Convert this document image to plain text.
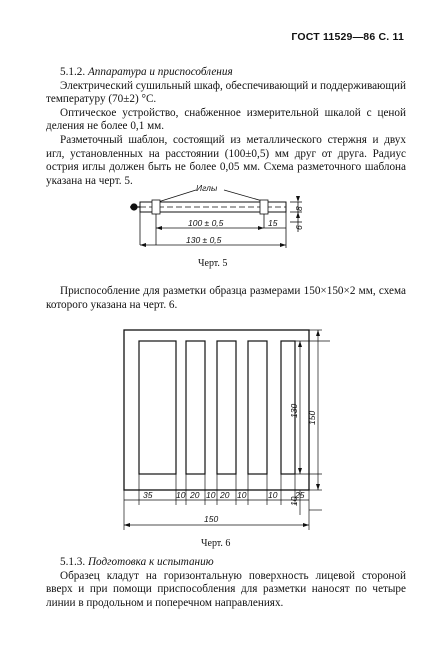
ГОСТ 11529—86 С. 11

5.1.2. Аппаратура и приспособления

Электрический сушильный шкаф, обеспечивающий и поддерживающий температуру (70±2) °С.

Оптическое устройство, снабженное измерительной шкалой с ценой деления не более 0,1 мм.

Разметочный шаблон, состоящий из металлического стержня и двух игл, установленных на расстоянии (100±0,5) мм друг от друга. Радиус острия иглы должен быть не более 0,05 мм. Схема разметочного шаблона указана на черт. 5.

Иглы
100 ± 0,5
130 ± 0,5
15
8
6
Черт. 5

Приспособление для разметки образца размерами 150×150×2 мм, схема которого указана на черт. 6.

35	10 20 10 20 10	10 25
150
130 150
10
Черт. 6

5.1.3. Подготовка к испытанию

Образец кладут на горизонтальную поверхность лицевой стороной вверх и при помощи приспособления для разметки наносят по четыре линии в продольном и поперечном направлениях.
